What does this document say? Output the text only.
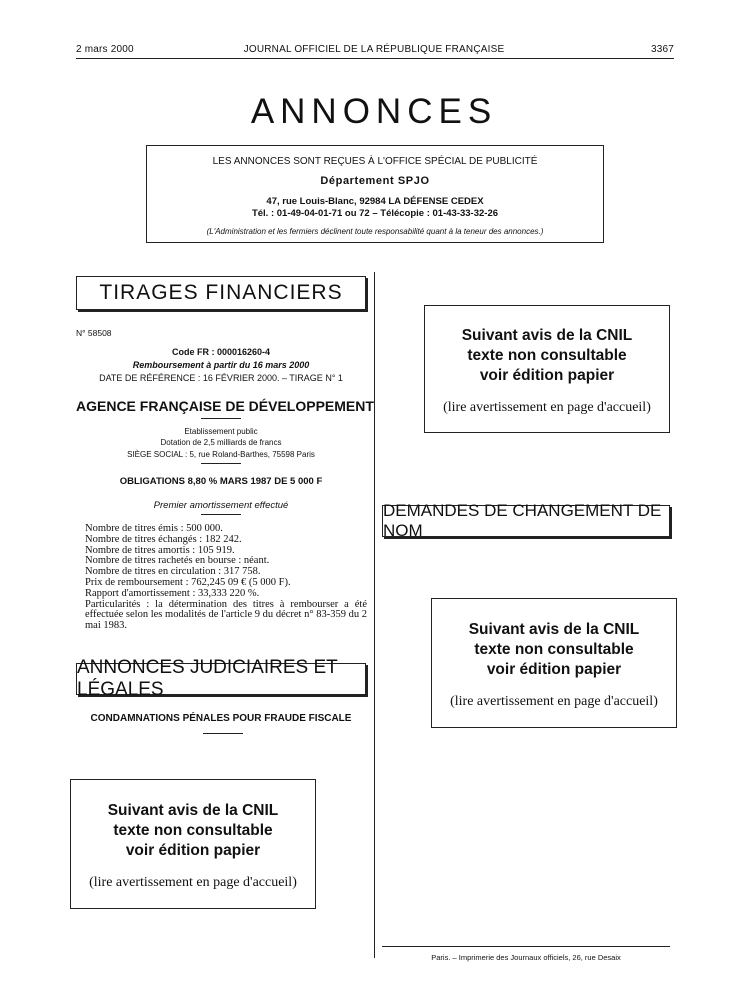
2 mars 2000	JOURNAL OFFICIEL DE LA RÉPUBLIQUE FRANÇAISE	3367
ANNONCES
LES ANNONCES SONT REÇUES À L'OFFICE SPÉCIAL DE PUBLICITÉ
Département SPJO
47, rue Louis-Blanc, 92984 LA DÉFENSE CEDEX
Tél. : 01-49-04-01-71 ou 72 – Télécopie : 01-43-33-32-26
(L'Administration et les fermiers déclinent toute responsabilité quant à la teneur des annonces.)
TIRAGES FINANCIERS
N° 58508
Code FR : 000016260-4
Remboursement à partir du 16 mars 2000
DATE DE RÉFÉRENCE : 16 FÉVRIER 2000. – TIRAGE N° 1
AGENCE FRANÇAISE DE DÉVELOPPEMENT
Etablissement public
Dotation de 2,5 milliards de francs
SIÈGE SOCIAL : 5, rue Roland-Barthes, 75598 Paris
OBLIGATIONS 8,80 % MARS 1987 DE 5 000 F
Premier amortissement effectué
Nombre de titres émis : 500 000.
Nombre de titres échangés : 182 242.
Nombre de titres amortis : 105 919.
Nombre de titres rachetés en bourse : néant.
Nombre de titres en circulation : 317 758.
Prix de remboursement : 762,245 09 € (5 000 F).
Rapport d'amortissement : 33,333 220 %.
Particularités : la détermination des titres à rembourser a été effectuée selon les modalités de l'article 9 du décret n° 83-359 du 2 mai 1983.
ANNONCES JUDICIAIRES ET LÉGALES
CONDAMNATIONS PÉNALES POUR FRAUDE FISCALE
Suivant avis de la CNIL
texte non consultable
voir édition papier
(lire avertissement en page d'accueil)
Suivant avis de la CNIL
texte non consultable
voir édition papier
(lire avertissement en page d'accueil)
DEMANDES DE CHANGEMENT DE NOM
Suivant avis de la CNIL
texte non consultable
voir édition papier
(lire avertissement en page d'accueil)
Paris. – Imprimerie des Journaux officiels, 26, rue Desaix
